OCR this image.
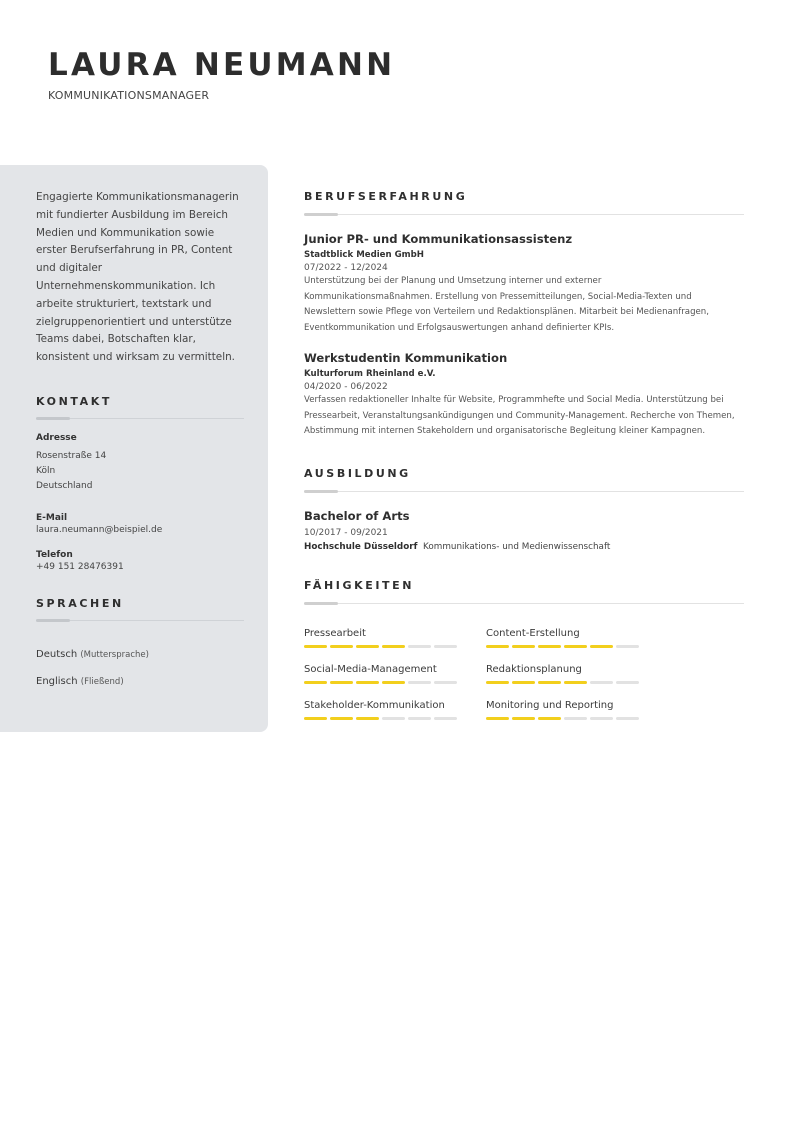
LAURA NEUMANN
KOMMUNIKATIONSMANAGER

Engagierte Kommunikationsmanagerin mit fundierter Ausbildung im Bereich Medien und Kommunikation sowie erster Berufserfahrung in PR, Content und digitaler Unternehmenskommunikation. Ich arbeite strukturiert, textstark und zielgruppenorientiert und unterstütze Teams dabei, Botschaften klar, konsistent und wirksam zu vermitteln.

KONTAKT
Adresse
Rosenstraße 14
Köln
Deutschland
E-Mail
laura.neumann@beispiel.de
Telefon
+49 151 28476391
SPRACHEN
Deutsch (Muttersprache)
Englisch (Fließend)
BERUFSERFAHRUNG
Junior PR- und Kommunikationsassistenz
Stadtblick Medien GmbH
07/2022 - 12/2024
Unterstützung bei der Planung und Umsetzung interner und externer
Kommunikationsmaßnahmen. Erstellung von Pressemitteilungen, Social-Media-Texten und
Newslettern sowie Pflege von Verteilern und Redaktionsplänen. Mitarbeit bei Medienanfragen,
Eventkommunikation und Erfolgsauswertungen anhand definierter KPIs.
Werkstudentin Kommunikation
Kulturforum Rheinland e.V.
04/2020 - 06/2022
Verfassen redaktioneller Inhalte für Website, Programmhefte und Social Media. Unterstützung bei
Pressearbeit, Veranstaltungsankündigungen und Community-Management. Recherche von Themen,
Abstimmung mit internen Stakeholdern und organisatorische Begleitung kleiner Kampagnen.
AUSBILDUNG
Bachelor of Arts
10/2017 - 09/2021
Hochschule Düsseldorf Kommunikations- und Medienwissenschaft
FÄHIGKEITEN
Pressearbeit	Content-Erstellung
Social-Media-Management	Redaktionsplanung
Stakeholder-Kommunikation	Monitoring und Reporting
